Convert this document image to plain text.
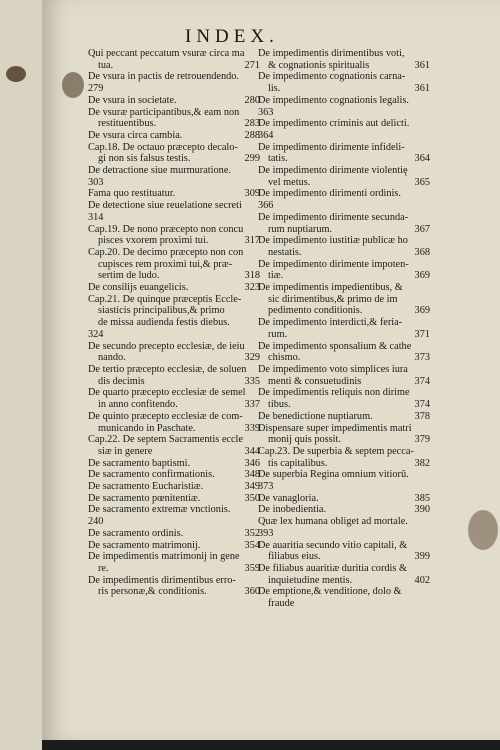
INDEX.
Qui peccant peccatum vsuræ circa ma
271
tua.
De vsura in pactis de retrouendendo.
279
280
De vsura in societate.
De vsuræ participantibus,& eam non
283
restituentibus.
288
De vsura circa cambia.
Cap.18. De octauo præcepto decalo-
299
gi non sis falsus testis.
De detractione siue murmuratione.
303
309
Fama quo restituatur.
De detectione siue reuelatione secreti
314
Cap.19. De nono præcepto non concu
317
pisces vxorem proximi tui.
Cap.20. De decimo præcepto non con
cupisces rem proximi tui,& præ-
318
sertim de ludo.
323
De consilijs euangelicis.
Cap.21. De quinque præceptis Eccle-
siasticis principalibus,& primo
de missa audienda festis diebus.
324
De secundo precepto ecclesiæ, de ieiu
329
nando.
De tertio præcepto ecclesiæ, de soluen
335
dis decimis
De quarto præcepto ecclesiæ de semel
337
in anno confitendo.
De quinto præcepto ecclesiæ de com-
339
municando in Paschate.
Cap.22. De septem Sacramentis eccle
344
siæ in genere
346
De sacramento baptismi.
348
De sacramento confirmationis.
349
De sacramento Eucharistiæ.
350
De sacramento pœnitentiæ.
De sacramento extremæ vnctionis.
240
352
De sacramento ordinis.
354
De sacramento matrimonij.
De impedimentis matrimonij in gene
359
re.
De impedimentis dirimentibus erro-
360
ris personæ,& conditionis.
De impedimentis dirimentibus voti,
361
& cognationis spiritualis
De impedimento cognationis carna-
361
lis.
De impedimento cognationis legalis.
363
De impedimento criminis aut delicti.
364
De impedimento dirimente infideli-
364
tatis.
De impedimento dirimente violentię
365
vel metus.
De impedimento dirimenti ordinis.
366
De impedimento dirimente secunda-
367
rum nuptiarum.
De impedimento iustitiæ publicæ ho
368
nestatis.
De impedimento dirimente impoten-
369
tiæ.
De impedimentis impedientibus, &
sic dirimentibus,& primo de im
369
pedimento conditionis.
De impedimento interdicti,& feria-
371
rum.
De impedimento sponsalium & cathe
373
chismo.
De impedimento voto simplices iura
374
menti & consuetudinis
De impedimentis reliquis non dirime
374
tibus.
378
De benedictione nuptiarum.
Dispensare super impedimentis matri
379
monij quis possit.
Cap.23. De superbia & septem pecca-
382
tis capitalibus.
De superbia Regina omnium vitiorū.
373
385
De vanagloria.
390
De inobedientia.
Quæ lex humana obliget ad mortale.
393
De auaritia secundo vitio capitali, &
399
filiabus eius.
De filiabus auaritiæ duritia cordis &
402
inquietudine mentis.
De emptione,& venditione, dolo &
fraude
